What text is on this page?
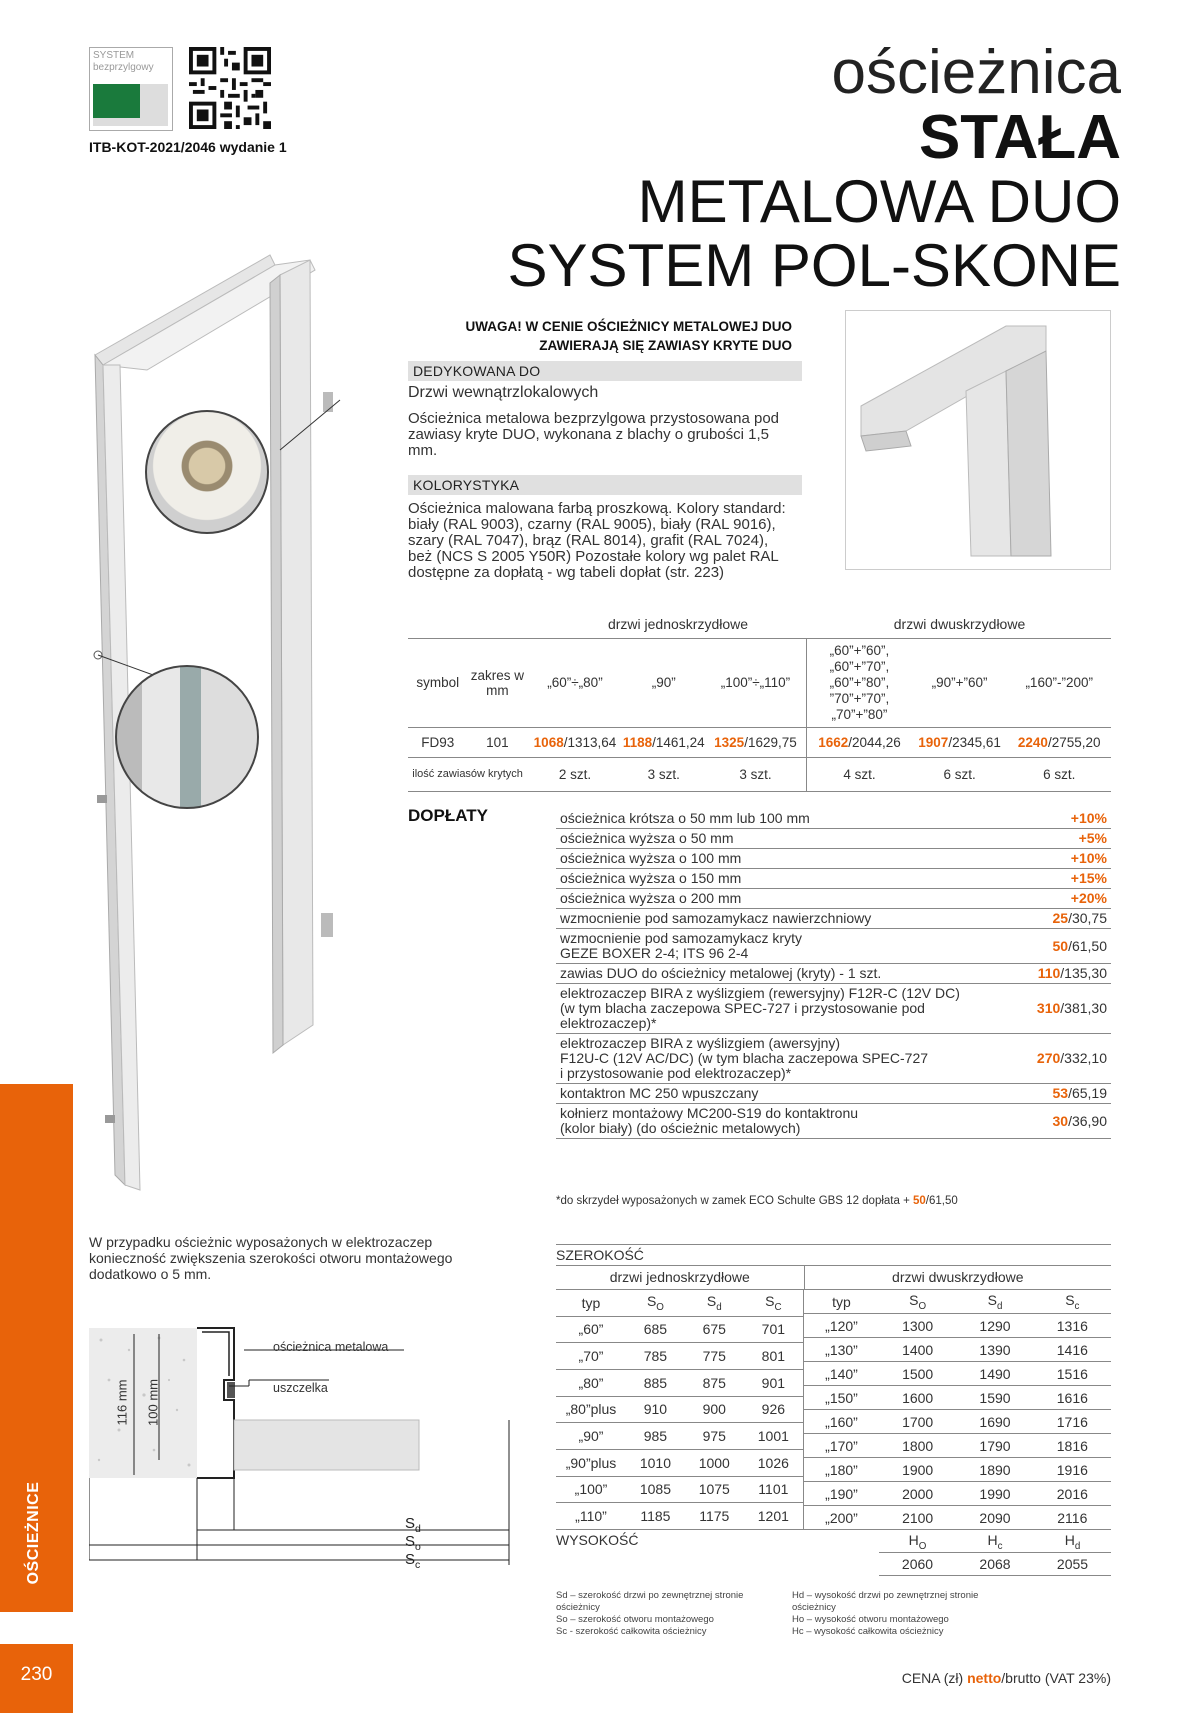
SYSTEM
bezprzylgowy
ITB-KOT-2021/2046 wydanie 1
ościeżnica
STAŁA
METALOWA DUO
SYSTEM POL-SKONE
UWAGA! W CENIE OŚCIEŻNICY METALOWEJ DUO
ZAWIERAJĄ SIĘ ZAWIASY KRYTE DUO
DEDYKOWANA DO
Drzwi wewnątrzlokalowych
Ościeżnica metalowa bezprzylgowa przystosowana pod zawiasy kryte DUO, wykonana z blachy o grubości 1,5 mm.
KOLORYSTYKA
Ościeżnica malowana farbą proszkową. Kolory standard: biały (RAL 9003), czarny (RAL 9005), biały (RAL 9016), szary (RAL 7047), brąz (RAL 8014), grafit (RAL 7024), beż (NCS S 2005 Y50R) Pozostałe kolory wg palet RAL dostępne za dopłatą - wg tabeli dopłat (str. 223)
drzwi jednoskrzydłowe	drzwi dwuskrzydłowe
symbol	zakres w mm	„60”÷„80”	„90”	„100”÷„110”	„60”+”60”,
„60”+”70”,
„60”+”80”,
”70”+”70”,
„70”+”80”	„90”+”60”	„160”-”200”
FD93	101	1068/1313,64	1188/1461,24	1325/1629,75	1662/2044,26	1907/2345,61	2240/2755,20
ilość zawiasów krytych		2 szt.	3 szt.	3 szt.	4 szt.	6 szt.	6 szt.
DOPŁATY	ościeżnica krótsza o 50 mm lub 100 mm	+10%
ościeżnica wyższa o 50 mm	+5%
ościeżnica wyższa o 100 mm	+10%
ościeżnica wyższa o 150 mm	+15%
ościeżnica wyższa o 200 mm	+20%
wzmocnienie pod samozamykacz nawierzchniowy	25/30,75
wzmocnienie pod samozamykacz kryty
GEZE BOXER 2-4; ITS 96 2-4	50/61,50
zawias DUO do ościeżnicy metalowej (kryty) - 1 szt.	110/135,30
elektrozaczep BIRA z wyślizgiem (rewersyjny) F12R-C (12V DC)
(w tym blacha zaczepowa SPEC-727 i przystosowanie pod
elektrozaczep)*	310/381,30
elektrozaczep BIRA z wyślizgiem (awersyjny)
F12U-C (12V AC/DC) (w tym blacha zaczepowa SPEC-727
i przystosowanie pod elektrozaczep)*	270/332,10
kontaktron MC 250 wpuszczany	53/65,19
kołnierz montażowy MC200-S19 do kontaktronu
(kolor biały) (do ościeżnic metalowych)	30/36,90
*do skrzydeł wyposażonych w zamek ECO Schulte GBS 12 dopłata + 50/61,50
W przypadku ościeżnic wyposażonych w elektrozaczep konieczność zwiększenia szerokości otworu montażowego dodatkowo o 5 mm.
ościeżnica metalowa
uszczelka
116 mm 100 mm
$S_d$
$S_o$
$S_c$
SZEROKOŚĆ
drzwi jednoskrzydłowe	drzwi dwuskrzydłowe
typ	$S_O$	$S_d$	$S_C$
„60”	685	675	701
„70”	785	775	801
„80”	885	875	901
„80”plus	910	900	926
„90”	985	975	1001
„90”plus	1010	1000	1026
„100”	1085	1075	1101
„110”	1185	1175	1201
typ	$S_O$	$S_d$	$S_c$
„120”	1300	1290	1316
„130”	1400	1390	1416
„140”	1500	1490	1516
„150”	1600	1590	1616
„160”	1700	1690	1716
„170”	1800	1790	1816
„180”	1900	1890	1916
„190”	2000	1990	2016
„200”	2100	2090	2116
WYSOKOŚĆ	$H_O$	$H_c$	$H_d$
2060	2068	2055
Sd – szerokość drzwi po zewnętrznej stronie ościeżnicy
So – szerokość otworu montażowego
Sc - szerokość całkowita ościeżnicy
Hd – wysokość drzwi po zewnętrznej stronie ościeżnicy
Ho – wysokość otworu montażowego
Hc – wysokość całkowita ościeżnicy
CENA (zł) netto/brutto (VAT 23%)
OŚCIEŻNICE
230
